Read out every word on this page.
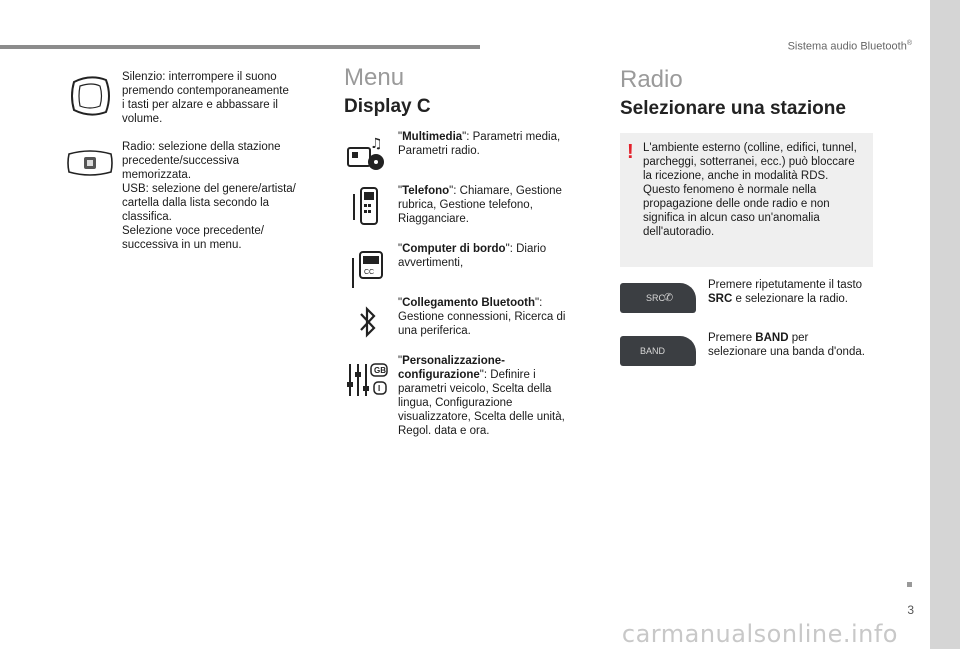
Sistema audio Bluetooth®
Silenzio: interrompere il suono
premendo contemporaneamente
i tasti per alzare e abbassare il
volume.
Radio: selezione della stazione
precedente/successiva
memorizzata.
USB: selezione del genere/artista/
cartella dalla lista secondo la
classifica.
Selezione voce precedente/
successiva in un menu.
Menu
Display C
♫ "Multimedia": Parametri media, Parametri radio.
"Telefono": Chiamare, Gestione rubrica, Gestione telefono, Riagganciare.
CC
"Computer di bordo": Diario avvertimenti,
"Collegamento Bluetooth": Gestione connessioni, Ricerca di una periferica.
GB
I
"Personalizzazione-configurazione": Definire i parametri veicolo, Scelta della lingua, Configurazione visualizzatore, Scelta delle unità, Regol. data e ora.
Radio
Selezionare una stazione
! L'ambiente esterno (colline, edifici, tunnel, parcheggi, sotterranei, ecc.) può bloccare la ricezione, anche in modalità RDS. Questo fenomeno è normale nella propagazione delle onde radio e non significa in alcun caso un'anomalia dell'autoradio.
SRC
✆
Premere ripetutamente il tasto SRC e selezionare la radio.
BAND
Premere BAND per selezionare una banda d'onda.
3
carmanualsonline.info
